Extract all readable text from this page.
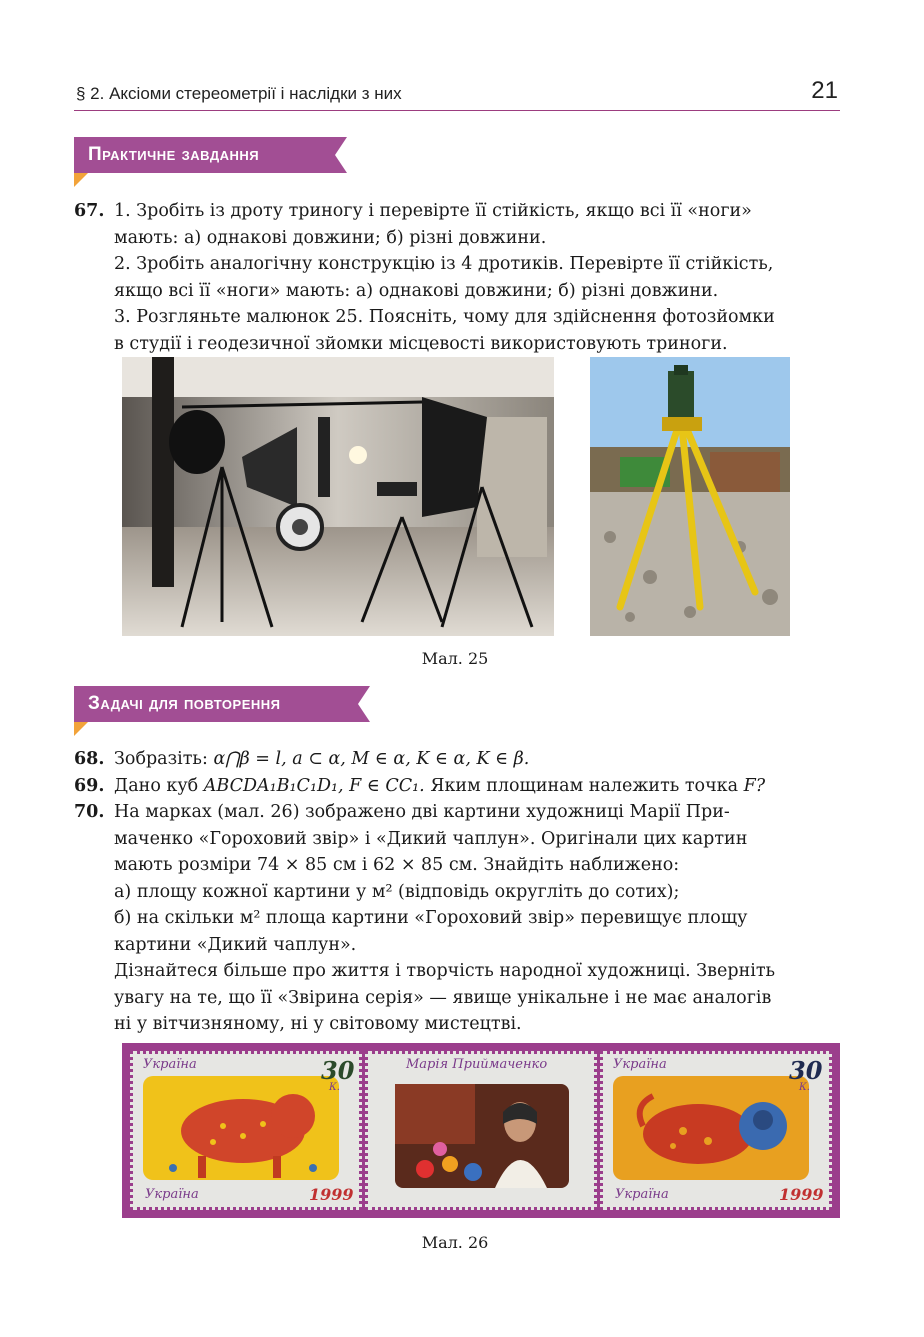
§ 2. Аксіоми стереометрії і наслідки з них	21
Практичне завдання
67. 1. Зробіть із дроту триногу і перевірте її стійкість, якщо всі її «ноги»
мають: а) однакові довжини; б) різні довжини.
2. Зробіть аналогічну конструкцію із 4 дротиків. Перевірте її стійкість,
якщо всі її «ноги» мають: а) однакові довжини; б) різні довжини.
3. Розгляньте малюнок 25. Поясніть, чому для здійснення фотозйомки
в студії і геодезичної зйомки місцевості використовують триноги.
Мал. 25
Задачі для повторення
68. Зобразіть: α⋂β = l, a ⊂ α, M ∈ α, K ∈ α, K ∈ β.
69. Дано куб ABCDA₁B₁C₁D₁, F ∈ CC₁. Яким площинам належить точка F?
70. На марках (мал. 26) зображено дві картини художниці Марії При-
маченко «Гороховий звір» і «Дикий чаплун». Оригінали цих картин
мають розміри 74 × 85 см і 62 × 85 см. Знайдіть наближено:
а) площу кожної картини у м² (відповідь округліть до сотих);
б) на скільки м² площа картини «Гороховий звір» перевищує площу
картини «Дикий чаплун».
Дізнайтеся більше про життя і творчість народної художниці. Зверніть
увагу на те, що її «Звірина серія» — явище унікальне і не має аналогів
ні у вітчизняному, ні у світовому мистецтві.
Україна	30
К.
Україна	1999
Марія Приймаченко	Україна	30
К.
Україна	1999
Мал. 26
